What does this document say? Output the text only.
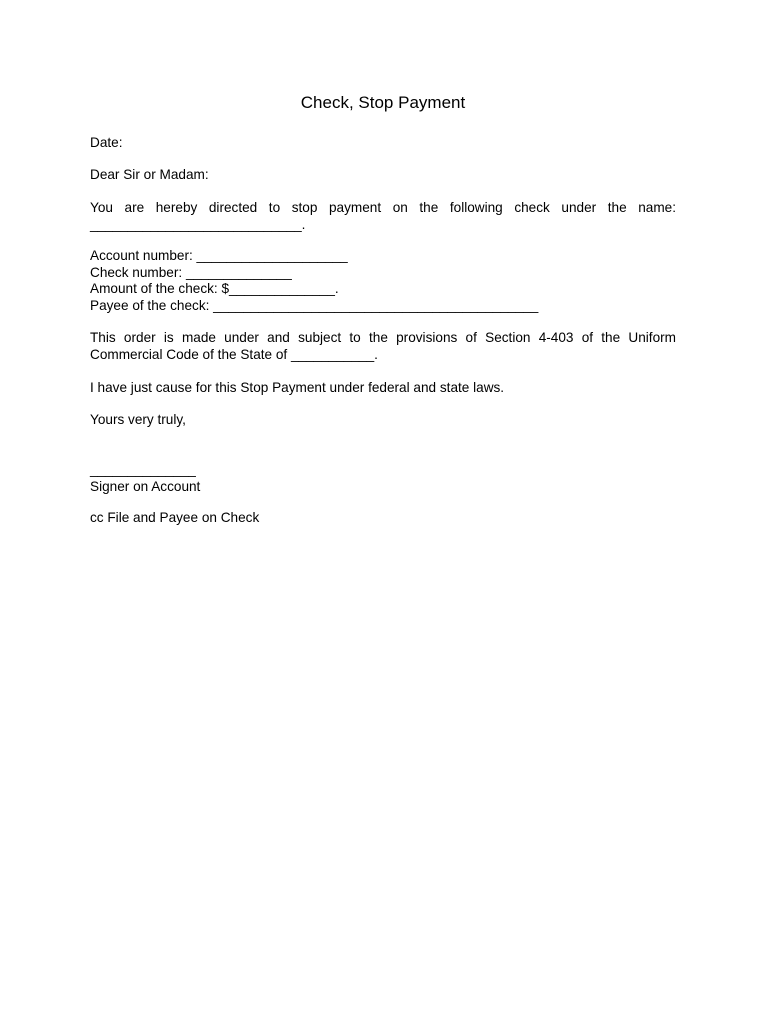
Check, Stop Payment
Date:
Dear Sir or Madam:
You are hereby directed to stop payment on the following check under the name:
____________________________.
Account number: ____________________
Check number: ______________
Amount of the check: $______________.
Payee of the check: ___________________________________________
This order is made under and subject to the provisions of Section 4-403 of the Uniform
Commercial Code of the State of ___________.
I have just cause for this Stop Payment under federal and state laws.
Yours very truly,
______________
Signer on Account
cc File and Payee on Check
